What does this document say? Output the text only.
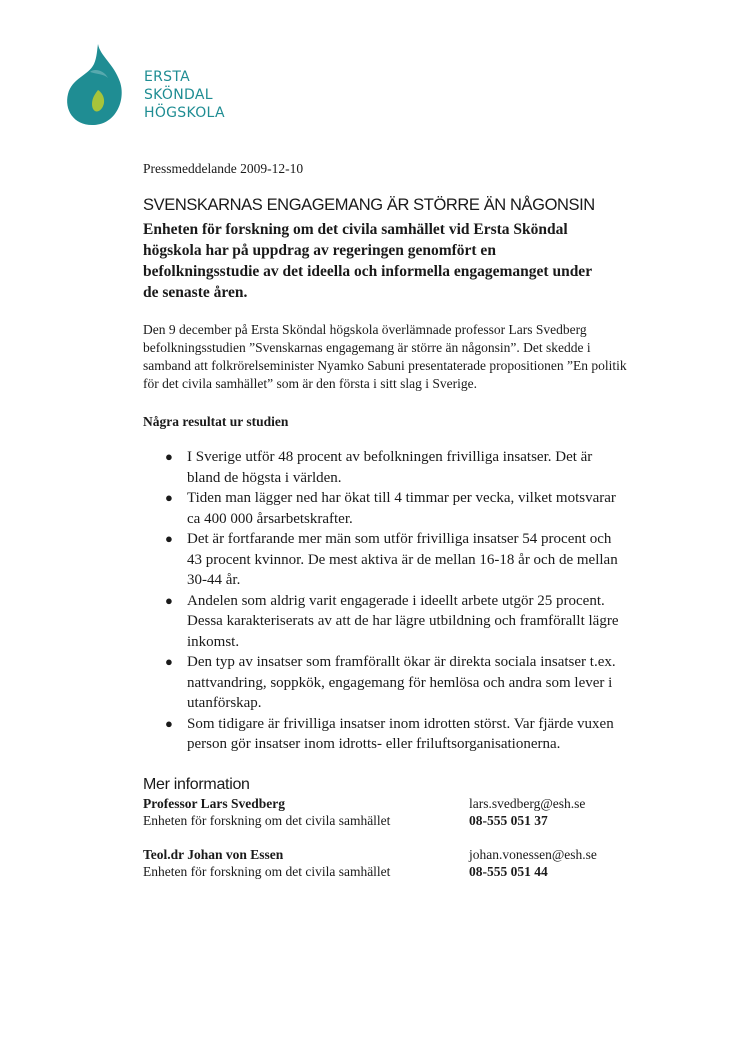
ERSTA
SKÖNDAL
HÖGSKOLA

Pressmeddelande 2009-12-10

SVENSKARNAS ENGAGEMANG ÄR STÖRRE ÄN NÅGONSIN

Enheten för forskning om det civila samhället vid Ersta Sköndal högskola har på uppdrag av regeringen genomfört en befolkningsstudie av det ideella och informella engagemanget under de senaste åren.

Den 9 december på Ersta Sköndal högskola överlämnade professor Lars Svedberg befolkningsstudien ”Svenskarnas engagemang är större än någonsin”. Det skedde i samband att folkrörelseminister Nyamko Sabuni presentaterade propositionen ”En politik för det civila samhället” som är den första i sitt slag i Sverige.

Några resultat ur studien

● I Sverige utför 48 procent av befolkningen frivilliga insatser. Det är bland de högsta i världen.
● Tiden man lägger ned har ökat till 4 timmar per vecka, vilket motsvarar ca 400 000 årsarbetskrafter.
● Det är fortfarande mer män som utför frivilliga insatser 54 procent och 43 procent kvinnor. De mest aktiva är de mellan 16-18 år och de mellan 30-44 år.
● Andelen som aldrig varit engagerade i ideellt arbete utgör 25 procent. Dessa karakteriserats av att de har lägre utbildning och framförallt lägre inkomst.
● Den typ av insatser som framförallt ökar är direkta sociala insatser t.ex. nattvandring, soppkök, engagemang för hemlösa och andra som lever i utanförskap.
● Som tidigare är frivilliga insatser inom idrotten störst. Var fjärde vuxen person gör insatser inom idrotts- eller friluftsorganisationerna.
Mer information
Professor Lars Svedberg
Enheten för forskning om det civila samhället
lars.svedberg@esh.se
08-555 051 37
Teol.dr Johan von Essen
Enheten för forskning om det civila samhället
johan.vonessen@esh.se
08-555 051 44
